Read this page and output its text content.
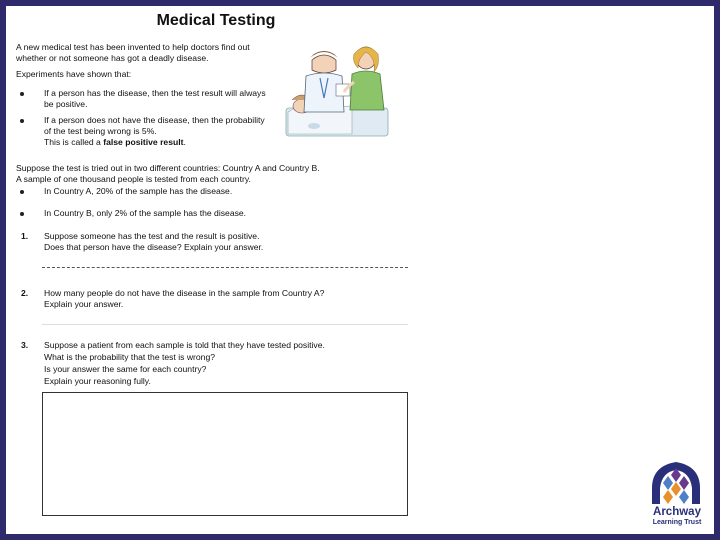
Medical Testing
A new medical test has been invented to help doctors find out
whether or not someone has got a deadly disease.
Experiments have shown that:
If a person has the disease, then the test result will always
be positive.
If a person does not have the disease, then the probability
of the test being wrong is 5%.
This is called a false positive result.
Suppose the test is tried out in two different countries: Country A and Country B.
A sample of one thousand people is tested from each country.
In Country A, 20% of the sample has the disease.
In Country B, only 2% of the sample has the disease.
1. Suppose someone has the test and the result is positive.
Does that person have the disease? Explain your answer.
2. How many people do not have the disease in the sample from Country A?
Explain your answer.
3. Suppose a patient from each sample is told that they have tested positive.
What is the probability that the test is wrong?
Is your answer the same for each country?
Explain your reasoning fully.
Archway
Learning Trust
